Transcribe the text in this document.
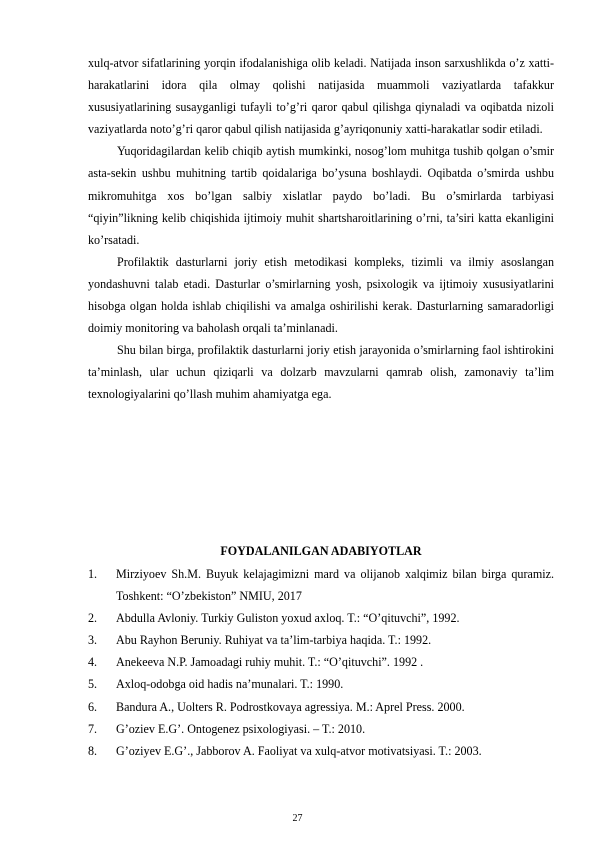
xulq-atvor sifatlarining yorqin ifodalanishiga olib keladi. Natijada inson sarxushlikda o’z xatti-harakatlarini idora qila olmay qolishi natijasida muammoli vaziyatlarda tafakkur xususiyatlarining susayganligi tufayli to’g’ri qaror qabul qilishga qiynaladi va oqibatda nizoli vaziyatlarda noto’g’ri qaror qabul qilish natijasida g’ayriqonuniy xatti-harakatlar sodir etiladi.

Yuqoridagilardan kelib chiqib aytish mumkinki, nosog’lom muhitga tushib qolgan o’smir asta-sekin ushbu muhitning tartib qoidalariga bo’ysuna boshlaydi. Oqibatda o’smirda ushbu mikromuhitga xos bo’lgan salbiy xislatlar paydo bo’ladi. Bu o’smirlarda tarbiyasi “qiyin”likning kelib chiqishida ijtimoiy muhit shartsharoitlarining o’rni, ta’siri katta ekanligini ko’rsatadi.

Profilaktik dasturlarni joriy etish metodikasi kompleks, tizimli va ilmiy asoslangan yondashuvni talab etadi. Dasturlar o’smirlarning yosh, psixologik va ijtimoiy xususiyatlarini hisobga olgan holda ishlab chiqilishi va amalga oshirilishi kerak. Dasturlarning samaradorligi doimiy monitoring va baholash orqali ta’minlanadi.

Shu bilan birga, profilaktik dasturlarni joriy etish jarayonida o’smirlarning faol ishtirokini ta’minlash, ular uchun qiziqarli va dolzarb mavzularni qamrab olish, zamonaviy ta’lim texnologiyalarini qo’llash muhim ahamiyatga ega.

FOYDALANILGAN ADABIYOTLAR
1.	Mirziyoev Sh.M. Buyuk kelajagimizni mard va olijanob xalqimiz bilan birga quramiz. Toshkent: “O’zbekiston” NMIU, 2017
2.	Abdulla Avloniy. Turkiy Guliston yoxud axloq. T.: “O’qituvchi”, 1992.
3.	Abu Rayhon Beruniy. Ruhiyat va ta’lim-tarbiya haqida. T.: 1992.
4.	Anekeeva N.P. Jamoadagi ruhiy muhit. T.: “O’qituvchi”. 1992 .
5.	Axloq-odobga oid hadis na’munalari. T.: 1990.
6.	Bandura A., Uolters R. Podrostkovaya agressiya. M.: Aprel Press. 2000.
7.	G’oziev E.G’. Ontogenez psixologiyasi. – T.: 2010.
8.	G’oziyev E.G’., Jabborov A. Faoliyat va xulq-atvor motivatsiyasi. T.: 2003.
27
